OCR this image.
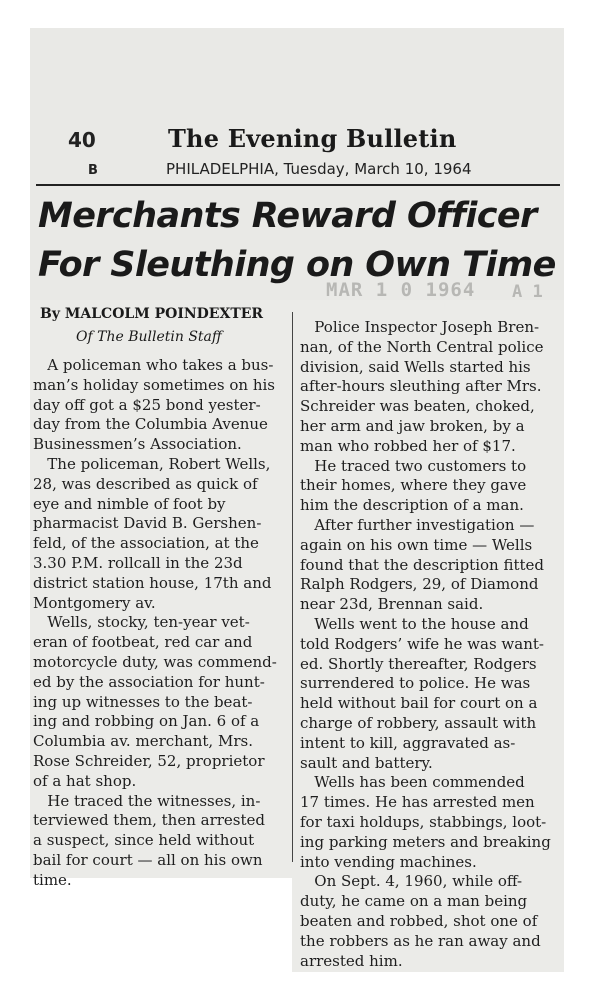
40
B
The Evening Bulletin
PHILADELPHIA, Tuesday, March 10, 1964
Merchants Reward Officer
For Sleuthing on Own Time
MAR 1 0 1964 A 1
By MALCOLM POINDEXTER
Of The Bulletin Staff
A policeman who takes a bus-
man’s holiday sometimes on his
day off got a $25 bond yester-
day from the Columbia Avenue
Businessmen’s Association.
The policeman, Robert Wells,
28, was described as quick of
eye and nimble of foot by
pharmacist David B. Gershen-
feld, of the association, at the
3.30 P.M. rollcall in the 23d
district station house, 17th and
Montgomery av.
Wells, stocky, ten-year vet-
eran of footbeat, red car and
motorcycle duty, was commend-
ed by the association for hunt-
ing up witnesses to the beat-
ing and robbing on Jan. 6 of a
Columbia av. merchant, Mrs.
Rose Schreider, 52, proprietor
of a hat shop.
He traced the witnesses, in-
terviewed them, then arrested
a suspect, since held without
bail for court — all on his own
time.
Police Inspector Joseph Bren-
nan, of the North Central police
division, said Wells started his
after-hours sleuthing after Mrs.
Schreider was beaten, choked,
her arm and jaw broken, by a
man who robbed her of $17.
He traced two customers to
their homes, where they gave
him the description of a man.
After further investigation —
again on his own time — Wells
found that the description fitted
Ralph Rodgers, 29, of Diamond
near 23d, Brennan said.
Wells went to the house and
told Rodgers’ wife he was want-
ed. Shortly thereafter, Rodgers
surrendered to police. He was
held without bail for court on a
charge of robbery, assault with
intent to kill, aggravated as-
sault and battery.
Wells has been commended
17 times. He has arrested men
for taxi holdups, stabbings, loot-
ing parking meters and breaking
into vending machines.
On Sept. 4, 1960, while off-
duty, he came on a man being
beaten and robbed, shot one of
the robbers as he ran away and
arrested him.
